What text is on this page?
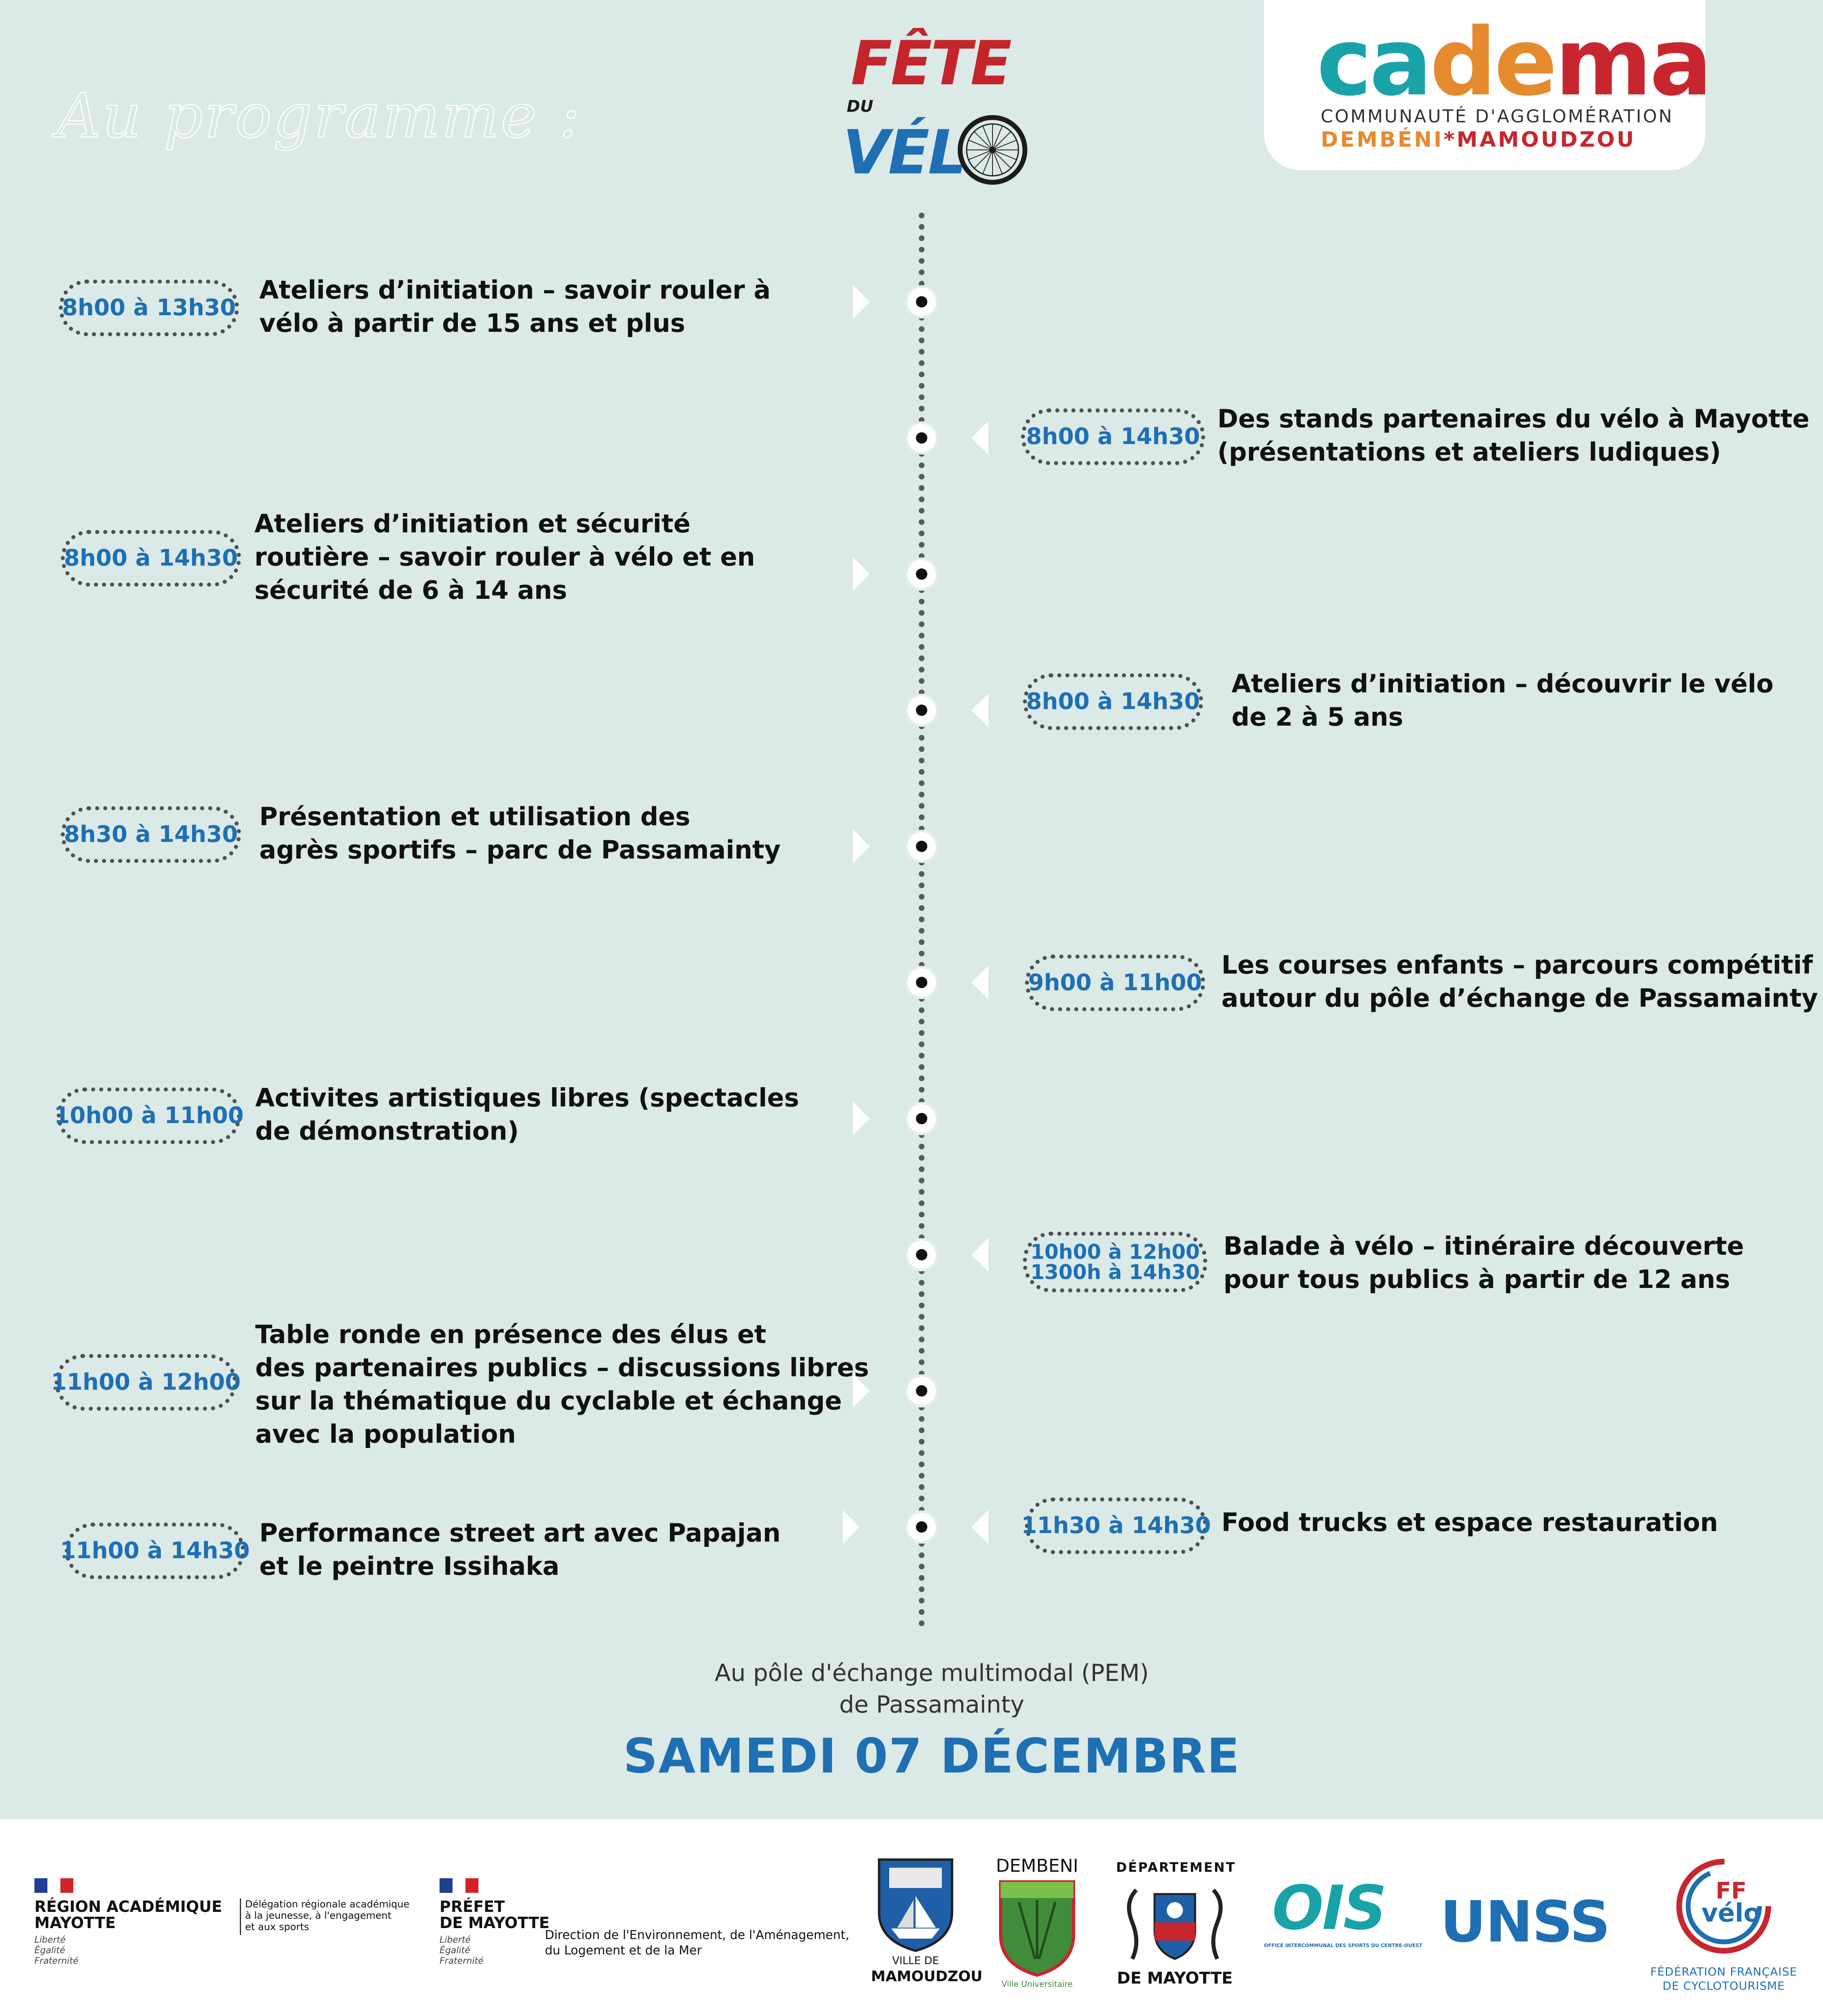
Au programme :
FÊTE
DU
VÉL
cadema
COMMUNAUTÉ D'AGGLOMÉRATION
DEMBÉNI*MAMOUDZOU
8h00 à 13h30
Ateliers d’initiation – savoir rouler à
vélo à partir de 15 ans et plus
8h00 à 14h30
Des stands partenaires du vélo à Mayotte
(présentations et ateliers ludiques)
8h00 à 14h30
Ateliers d’initiation et sécurité
routière – savoir rouler à vélo et en
sécurité de 6 à 14 ans
8h00 à 14h30
Ateliers d’initiation – découvrir le vélo
de 2 à 5 ans
8h30 à 14h30
Présentation et utilisation des
agrès sportifs – parc de Passamainty
9h00 à 11h00
Les courses enfants – parcours compétitif
autour du pôle d’échange de Passamainty
10h00 à 11h00
Activites artistiques libres (spectacles
de démonstration)
10h00 à 12h00
1300h à 14h30
Balade à vélo – itinéraire découverte
pour tous publics à partir de 12 ans
11h00 à 12h00
Table ronde en présence des élus et
des partenaires publics – discussions libres
sur la thématique du cyclable et échange
avec la population
11h00 à 14h30
Performance street art avec Papajan
et le peintre Issihaka
11h30 à 14h30 Food trucks et espace restauration
Au pôle d'échange multimodal (PEM)
de Passamainty
SAMEDI 07 DÉCEMBRE
RÉGION ACADÉMIQUE
MAYOTTE
Liberté
Égalité
Fraternité
Délégation régionale académique
à la jeunesse, à l'engagement
et aux sports
PRÉFET
DE MAYOTTE
Liberté
Égalité
Fraternité
Direction de l'Environnement, de l'Aménagement,
du Logement et de la Mer
VILLE DE
MAMOUDZOU
DEMBENI
Ville Universitaire
DÉPARTEMENT
DE MAYOTTE
OIS
OFFICE INTERCOMMUNAL DES SPORTS DU CENTRE-OUEST UNSS	FF
vélo
FÉDÉRATION FRANÇAISE
DE CYCLOTOURISME
